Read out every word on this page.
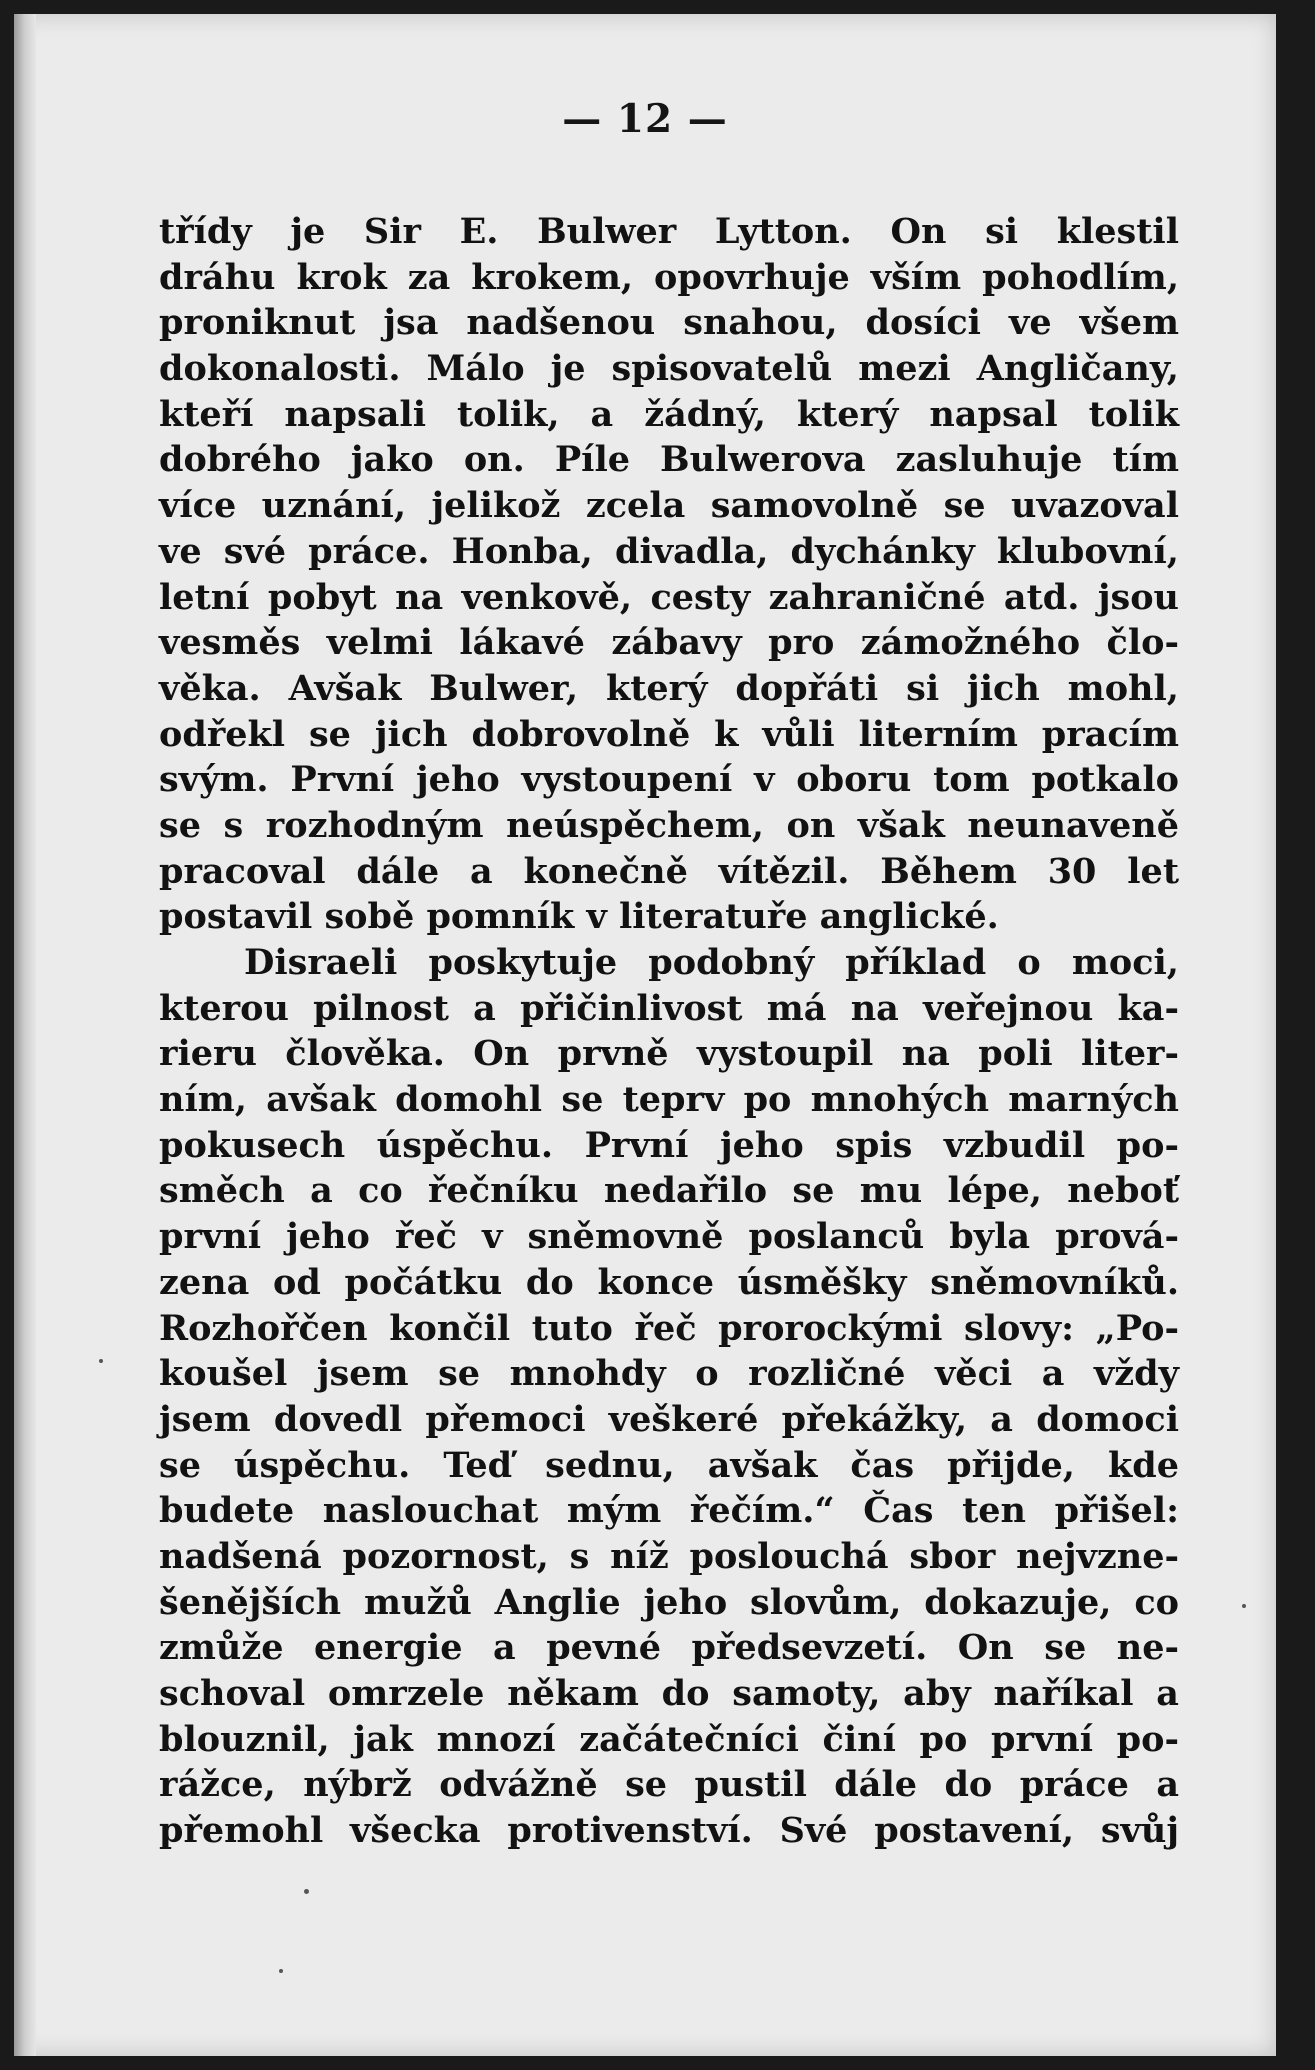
— 12 —
třídy je Sir E. Bulwer Lytton. On si klestil
dráhu krok za krokem, opovrhuje vším pohodlím,
proniknut jsa nadšenou snahou, dosíci ve všem
dokonalosti. Málo je spisovatelů mezi Angličany,
kteří napsali tolik, a žádný, který napsal tolik
dobrého jako on. Píle Bulwerova zasluhuje tím
více uznání, jelikož zcela samovolně se uvazoval
ve své práce. Honba, divadla, dychánky klubovní,
letní pobyt na venkově, cesty zahraničné atd. jsou
vesměs velmi lákavé zábavy pro zámožného člo-
věka. Avšak Bulwer, který dopřáti si jich mohl,
odřekl se jich dobrovolně k vůli literním pracím
svým. První jeho vystoupení v oboru tom potkalo
se s rozhodným neúspěchem, on však neunaveně
pracoval dále a konečně vítězil. Během 30 let
postavil sobě pomník v literatuře anglické.
Disraeli poskytuje podobný příklad o moci,
kterou pilnost a přičinlivost má na veřejnou ka-
rieru člověka. On prvně vystoupil na poli liter-
ním, avšak domohl se teprv po mnohých marných
pokusech úspěchu. První jeho spis vzbudil po-
směch a co řečníku nedařilo se mu lépe, neboť
první jeho řeč v sněmovně poslanců byla prová-
zena od počátku do konce úsměšky sněmovníků.
Rozhořčen končil tuto řeč prorockými slovy: „Po-
koušel jsem se mnohdy o rozličné věci a vždy
jsem dovedl přemoci veškeré překážky, a domoci
se úspěchu. Teď sednu, avšak čas přijde, kde
budete naslouchat mým řečím.“ Čas ten přišel:
nadšená pozornost, s níž poslouchá sbor nejvzne-
šenějších mužů Anglie jeho slovům, dokazuje, co
zmůže energie a pevné předsevzetí. On se ne-
schoval omrzele někam do samoty, aby naříkal a
blouznil, jak mnozí začátečníci činí po první po-
rážce, nýbrž odvážně se pustil dále do práce a
přemohl všecka protivenství. Své postavení, svůj
